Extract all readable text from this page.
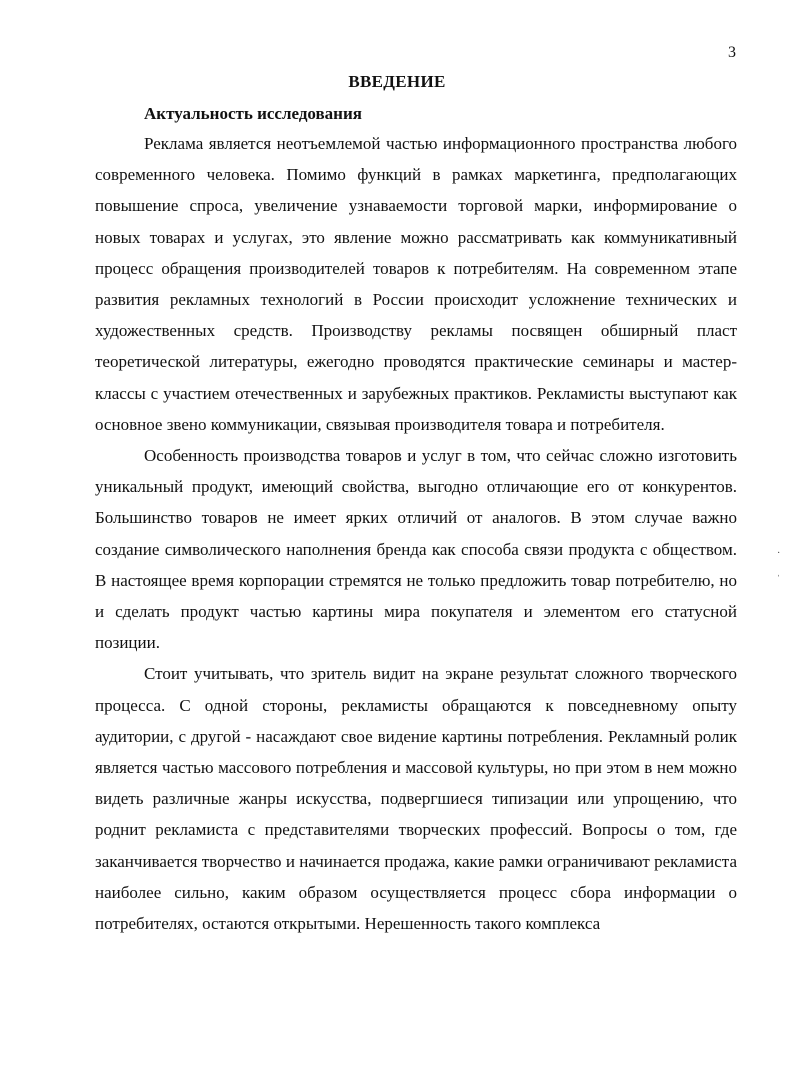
3
ВВЕДЕНИЕ
Актуальность исследования

Реклама является неотъемлемой частью информационного пространства любого современного человека. Помимо функций в рамках маркетинга, предполагающих повышение спроса, увеличение узнаваемости торговой марки, информирование о новых товарах и услугах, это явление можно рассматривать как коммуникативный процесс обращения производителей товаров к потребителям. На современном этапе развития рекламных технологий в России происходит усложнение технических и художественных средств. Производству рекламы посвящен обширный пласт теоретической литературы, ежегодно проводятся практические семинары и мастер-классы с участием отечественных и зарубежных практиков. Рекламисты выступают как основное звено коммуникации, связывая производителя товара и потребителя.

Особенность производства товаров и услуг в том, что сейчас сложно изготовить уникальный продукт, имеющий свойства, выгодно отличающие его от конкурентов. Большинство товаров не имеет ярких отличий от аналогов. В этом случае важно создание символического наполнения бренда как способа связи продукта с обществом. В настоящее время корпорации стремятся не только предложить товар потребителю, но и сделать продукт частью картины мира покупателя и элементом его статусной позиции.

Стоит учитывать, что зритель видит на экране результат сложного творческого процесса. С одной стороны, рекламисты обращаются к повседневному опыту аудитории, с другой - насаждают свое видение картины потребления. Рекламный ролик является частью массового потребления и массовой культуры, но при этом в нем можно видеть различные жанры искусства, подвергшиеся типизации или упрощению, что роднит рекламиста с представителями творческих профессий. Вопросы о том, где заканчивается творчество и начинается продажа, какие рамки ограничивают рекламиста наиболее сильно, каким образом осуществляется процесс сбора информации о потребителях, остаются открытыми. Нерешенность такого комплекса

·
ˌ
